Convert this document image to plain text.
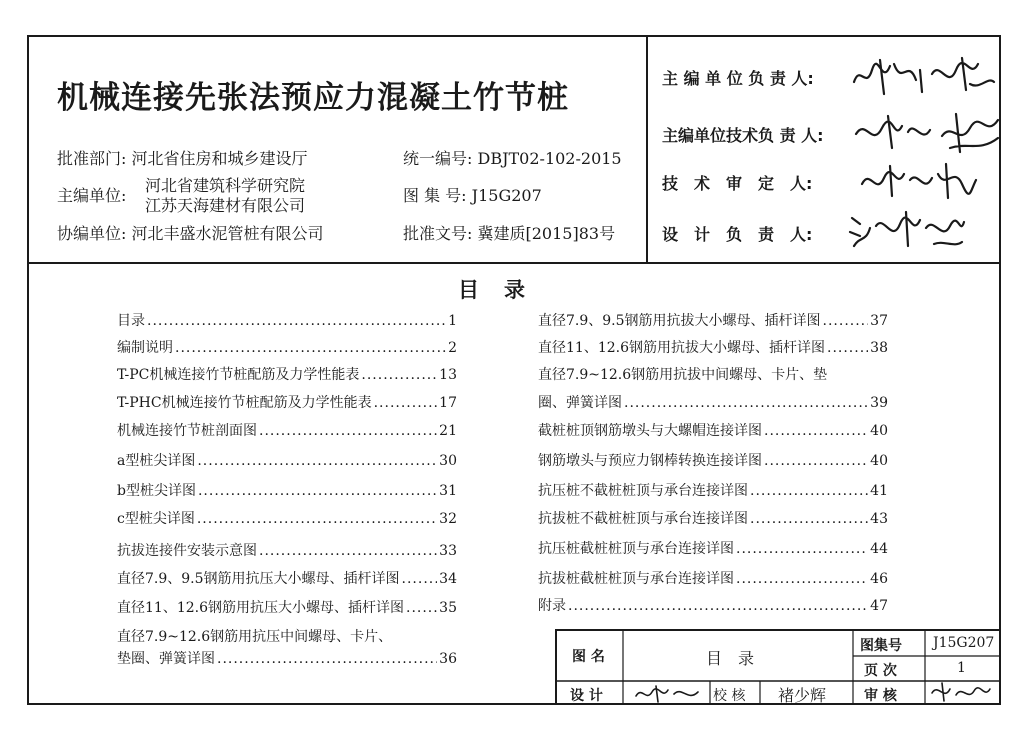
机械连接先张法预应力混凝土竹节桩
批准部门: 河北省住房和城乡建设厅
主编单位:
河北省建筑科学研究院
江苏天海建材有限公司
协编单位: 河北丰盛水泥管桩有限公司
统一编号: DBJT02-102-2015
图 集 号: J15G207
批准文号: 冀建质[2015]83号
主 编 单 位 负 责 人:
主编单位技术负 责 人:
技　术　审　定　人:
设　计　负　责　人:
目　录
目录 .....	1
编制说明 .....	2
T-PC机械连接竹节桩配筋及力学性能表 .....	13
T-PHC机械连接竹节桩配筋及力学性能表 .....	17
机械连接竹节桩剖面图 .....	21
a型桩尖详图 .....	30
b型桩尖详图 .....	31
c型桩尖详图 .....	32
抗拔连接件安装示意图 .....	33
直径7.9、9.5钢筋用抗压大小螺母、插杆详图 .....	34
直径11、12.6钢筋用抗压大小螺母、插杆详图 .....	35
直径7.9~12.6钢筋用抗压中间螺母、卡片、
垫圈、弹簧详图 .....	36
直径7.9、9.5钢筋用抗拔大小螺母、插杆详图 .....	37
直径11、12.6钢筋用抗拔大小螺母、插杆详图 .....	38
直径7.9~12.6钢筋用抗拔中间螺母、卡片、垫
圈、弹簧详图 .....	39
截桩桩顶钢筋墩头与大螺帽连接详图 .....	40
钢筋墩头与预应力钢棒转换连接详图 .....	40
抗压桩不截桩桩顶与承台连接详图 .....	41
抗拔桩不截桩桩顶与承台连接详图 .....	43
抗压桩截桩桩顶与承台连接详图 .....	44
抗拔桩截桩桩顶与承台连接详图 .....	46
附录 .....	47
图 名	目　录
图集号 J15G207
页 次	1
设 计	校 核 褚少辉	审 核
